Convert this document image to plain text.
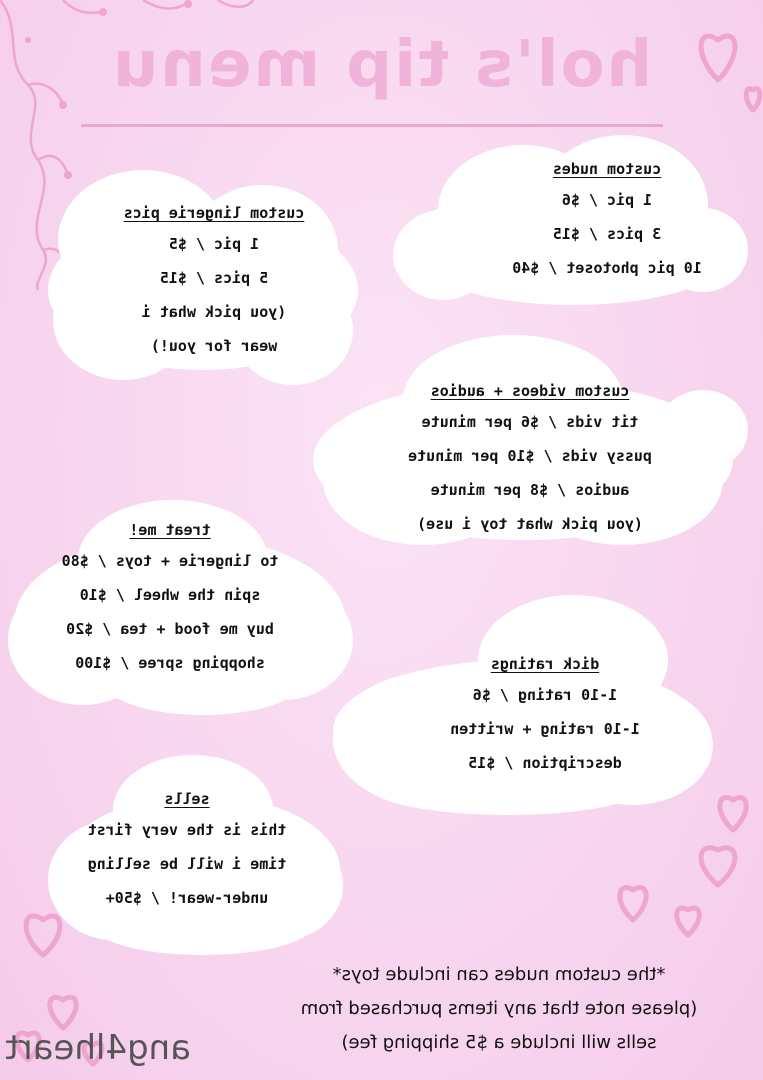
hol's tip menu
custom nudes
1 pic / $6
3 pics / $15
10 pic photoset / $40
custom lingerie pics
1 pic / $5
5 pics / $15
(you pick what i
wear for you!)
custom videos + audios
tit vids / $6 per minute
pussy vids / $10 per minute
audios / $8 per minute
(you pick what toy i use)
treat me!
to lingerie + toys / $80
spin the wheel / $10
buy me food + tea / $20
shopping spree / $100	dick ratings
1-10 rating / $6
1-10 rating + written
description / $15
sells
this is the very first
time i will be selling
under-wear! / $50+
*the custom nudes can include toys*
(please note that any items purchased from
sells will include a $5 shipping fee)
ang4lheart
